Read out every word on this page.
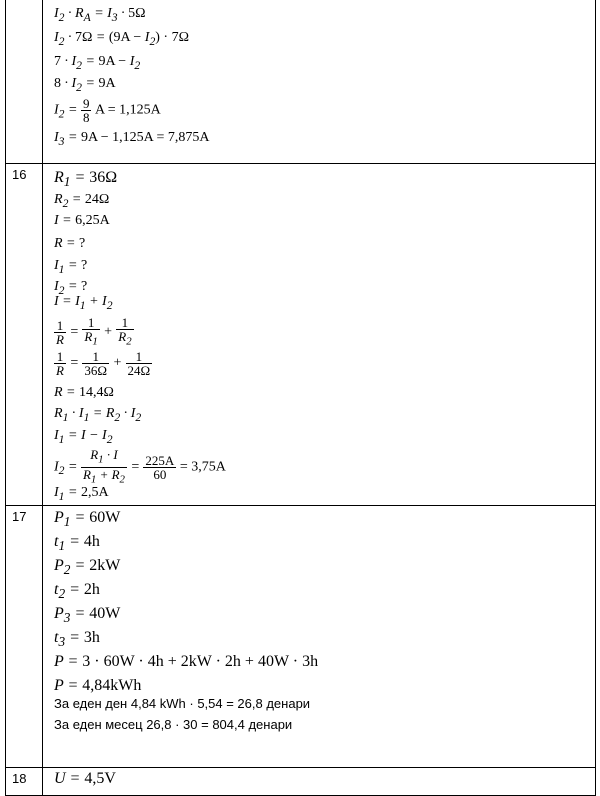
$I_2 \cdot R_A = I_3 \cdot 5\Omega$
$I_2 \cdot 7\Omega = (9A - I_2) \cdot 7\Omega$
$7 \cdot I_2 = 9A - I_2$
$8 \cdot I_2 = 9A$
$I_2 = \frac{9}{8}$ A = 1,125A
$I_3 = 9A - 1,125A = 7,875A$
16 $R_1 = 36\Omega$
$R_2 = 24\Omega$
I = 6,25A
R = ?
$I_1$ = ?
$I_2$ = ?
$I = I_1 + I_2$
$\frac{1}{R} = \frac{1}{R_1} + \frac{1}{R_2}$
$\frac{1}{R} = \frac{1}{36\Omega} + \frac{1}{24\Omega}$
R = 14,4Ω
$R_1 \cdot I_1 = R_2 \cdot I_2$
$I_1 = I - I_2$
$I_2 = \frac{R_1 \cdot I}{R_1 + R_2} = \frac{225A}{60} = 3,75A$
$I_1 = 2,5A$
17 $P_1 = 60W$
$t_1 = 4h$
$P_2 = 2kW$
$t_2 = 2h$
$P_3 = 40W$
$t_3 = 3h$
P = 3 · 60W · 4h + 2kW · 2h + 40W · 3h
P = 4,84kWh
За еден ден 4,84 kWh · 5,54 = 26,8 денари
За еден месец 26,8 · 30 = 804,4 денари
18 U = 4,5V
